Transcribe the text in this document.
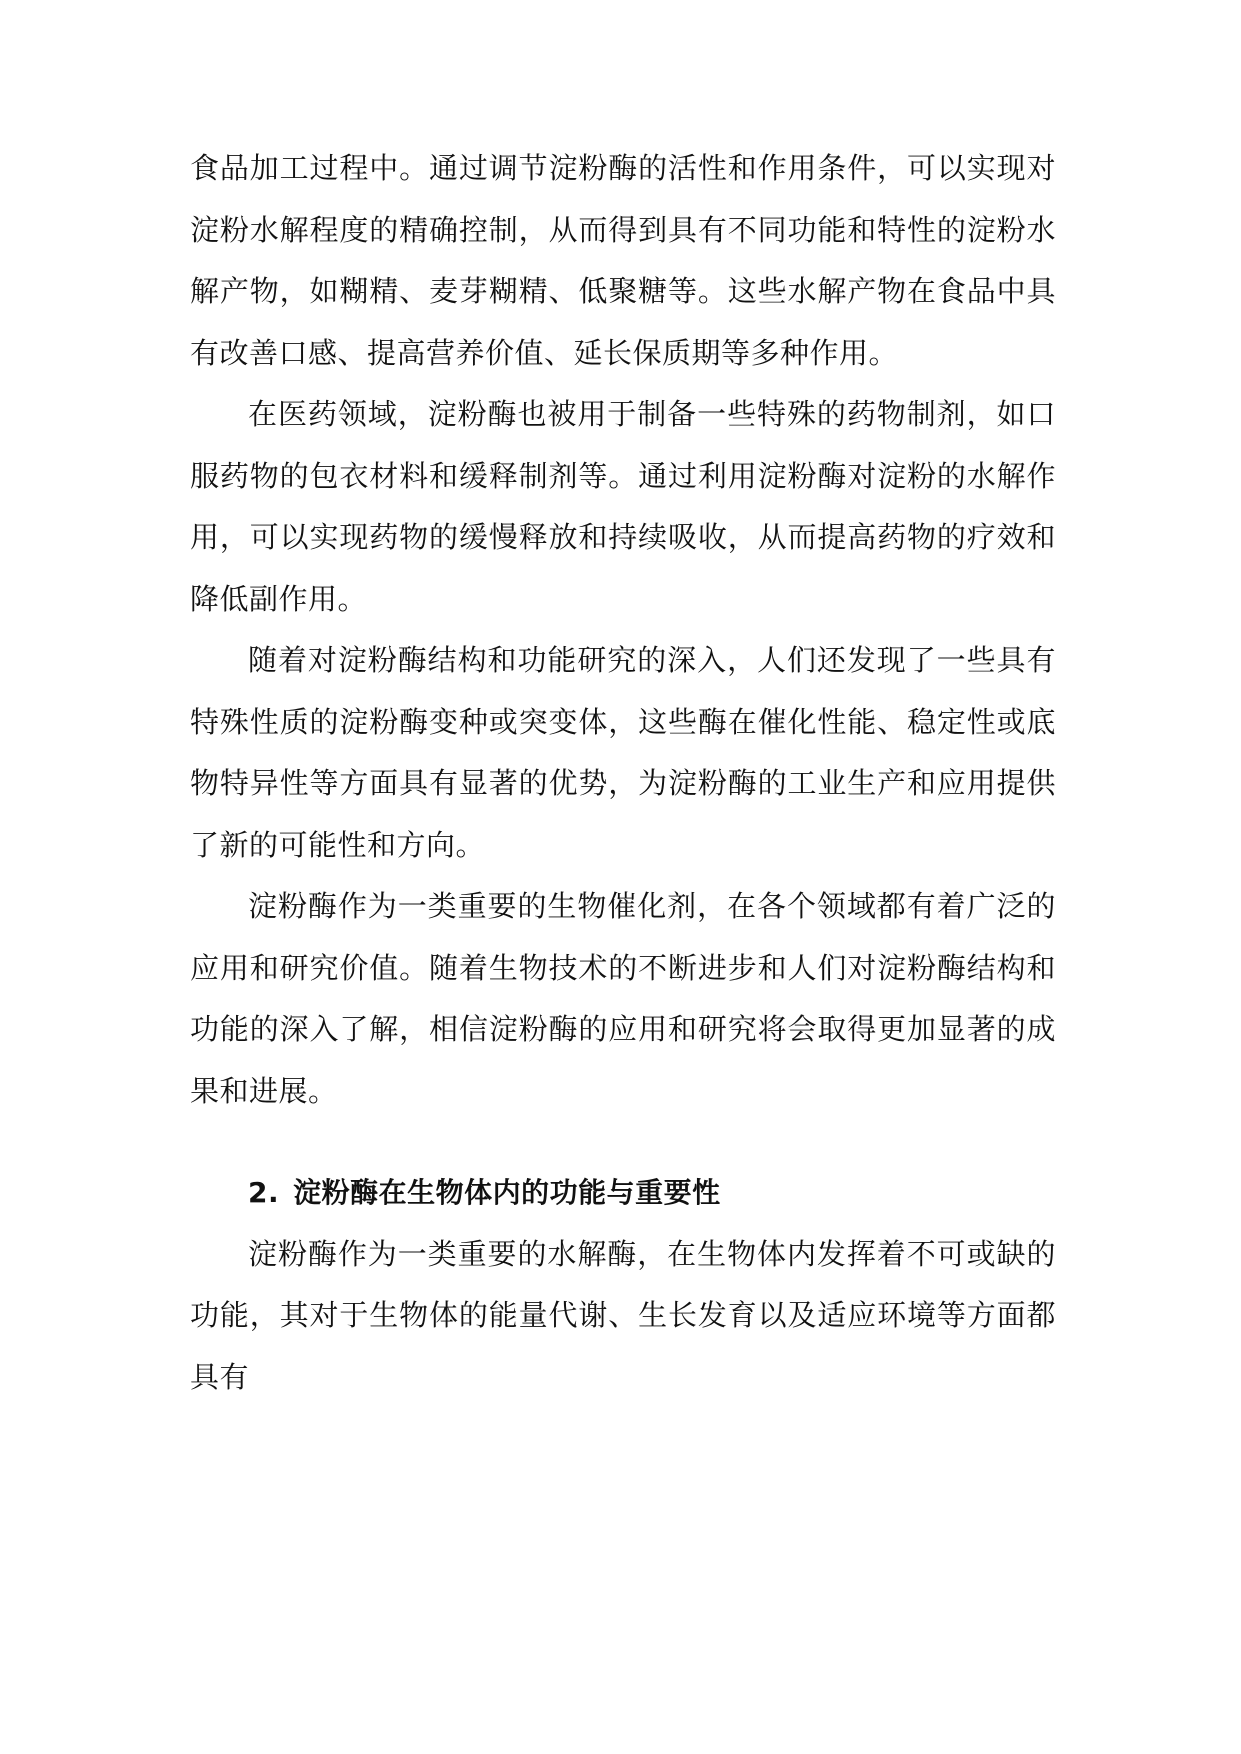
食品加工过程中。通过调节淀粉酶的活性和作用条件，可以实现对淀粉水解程度的精确控制，从而得到具有不同功能和特性的淀粉水解产物，如糊精、麦芽糊精、低聚糖等。这些水解产物在食品中具有改善口感、提高营养价值、延长保质期等多种作用。

在医药领域，淀粉酶也被用于制备一些特殊的药物制剂，如口服药物的包衣材料和缓释制剂等。通过利用淀粉酶对淀粉的水解作用，可以实现药物的缓慢释放和持续吸收，从而提高药物的疗效和降低副作用。

随着对淀粉酶结构和功能研究的深入，人们还发现了一些具有特殊性质的淀粉酶变种或突变体，这些酶在催化性能、稳定性或底物特异性等方面具有显著的优势，为淀粉酶的工业生产和应用提供了新的可能性和方向。

淀粉酶作为一类重要的生物催化剂，在各个领域都有着广泛的应用和研究价值。随着生物技术的不断进步和人们对淀粉酶结构和功能的深入了解，相信淀粉酶的应用和研究将会取得更加显著的成果和进展。

2. 淀粉酶在生物体内的功能与重要性

淀粉酶作为一类重要的水解酶，在生物体内发挥着不可或缺的功能，其对于生物体的能量代谢、生长发育以及适应环境等方面都具有
